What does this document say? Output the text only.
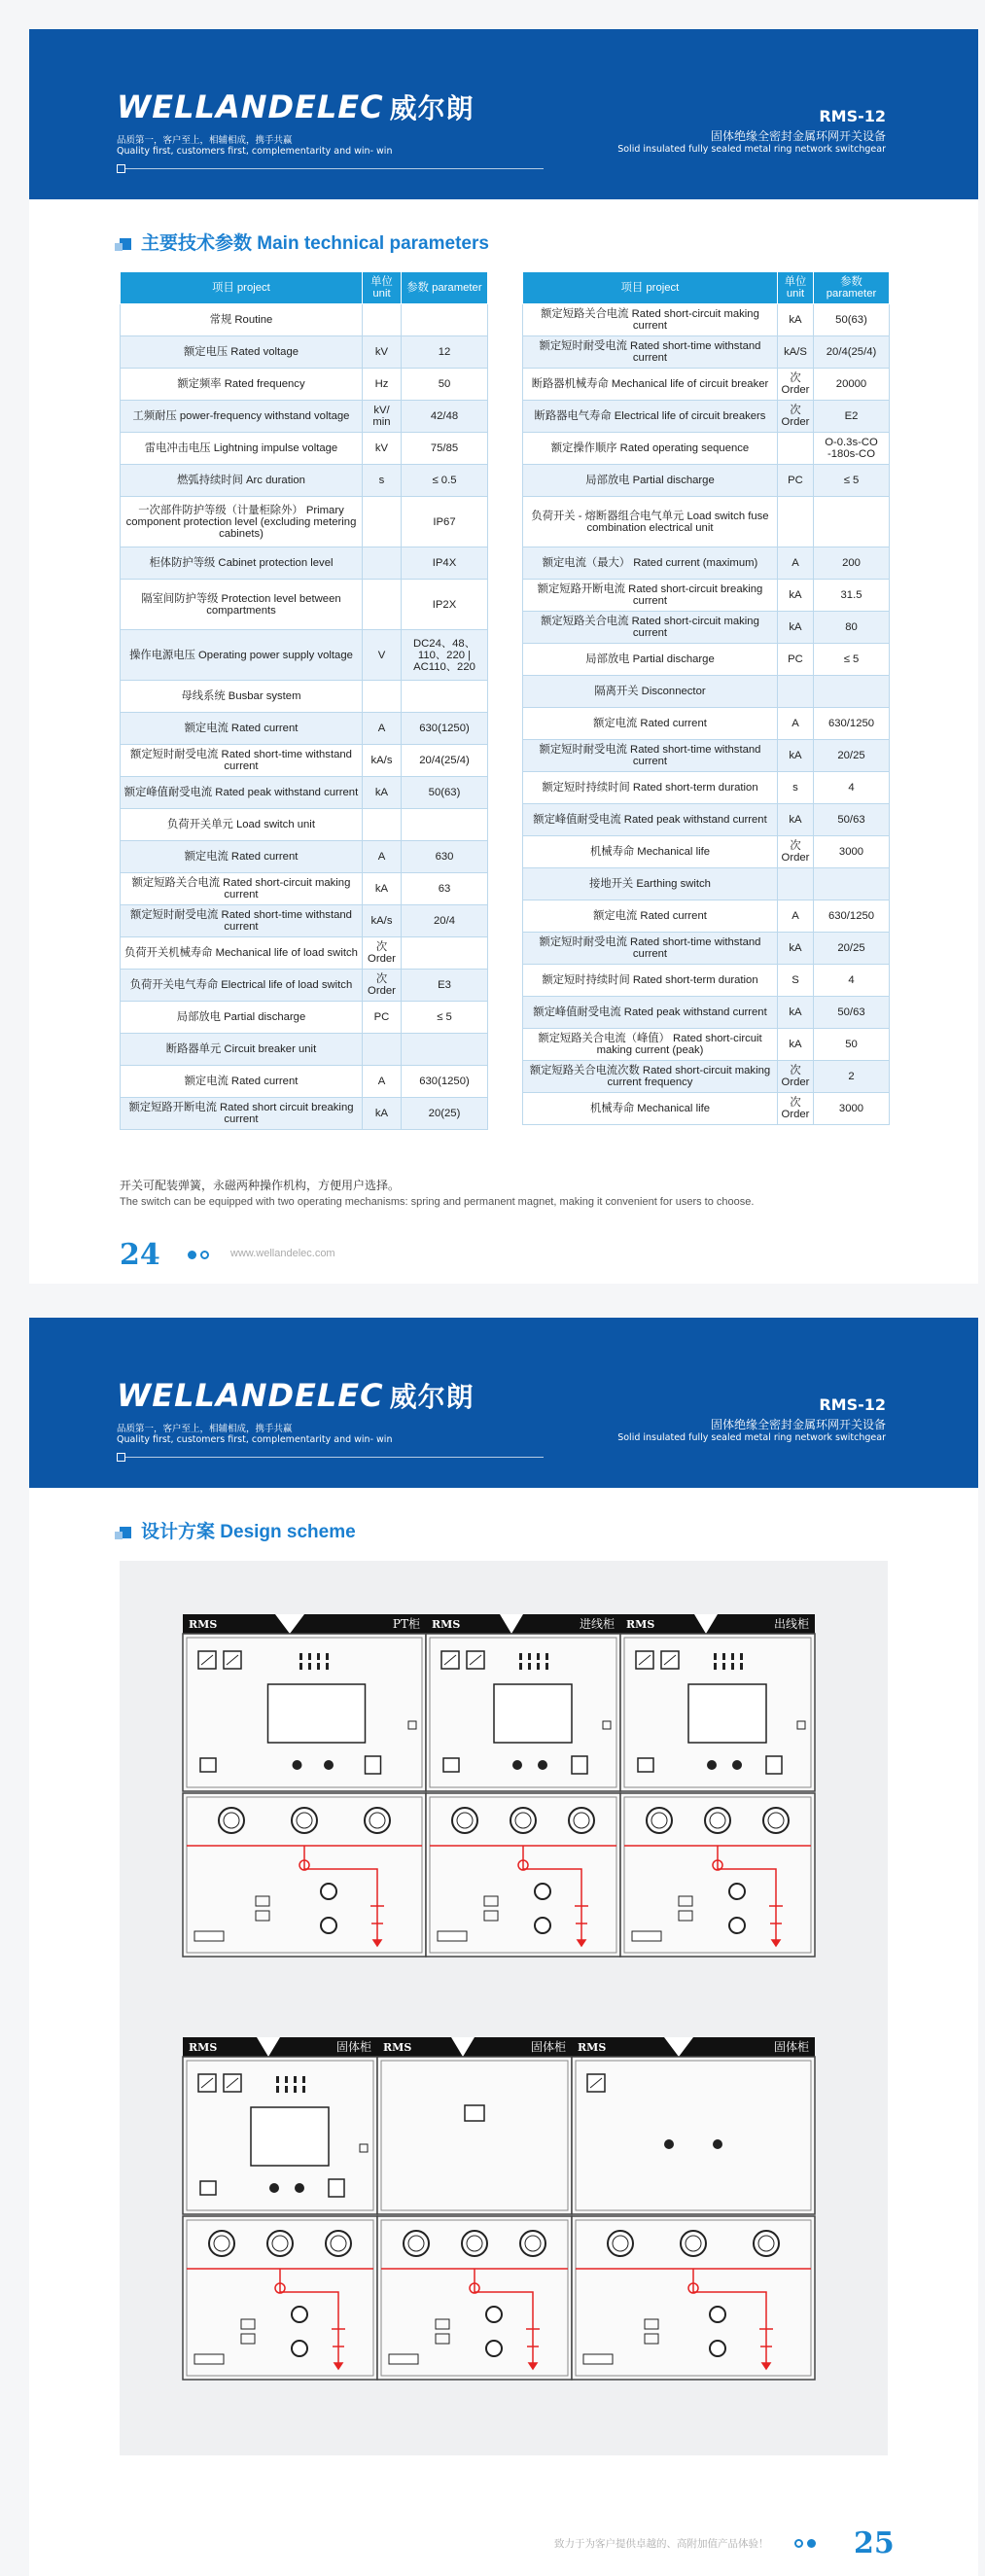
WELLANDELEC 威尔朗
品质第一，客户至上，相辅相成，携手共赢
Quality first, customers first, complementarity and win- win
RMS-12
固体绝缘全密封金属环网开关设备
Solid insulated fully sealed metal ring network switchgear
主要技术参数 Main technical parameters
项目 project	单位 unit	参数 parameter
常规 Routine		
额定电压 Rated voltage	kV	12
额定频率 Rated frequency	Hz	50
工频耐压 power-frequency withstand voltage	kV/ min	42/48
雷电冲击电压 Lightning impulse voltage	kV	75/85
燃弧持续时间 Arc duration	s	≤ 0.5
一次部件防护等级（计量柜除外） Primary component protection level (excluding metering cabinets)		IP67
柜体防护等级 Cabinet protection level		IP4X
隔室间防护等级 Protection level between compartments		IP2X
操作电源电压 Operating power supply voltage	V	DC24、48、110、220 | AC110、220
母线系统 Busbar system		
额定电流 Rated current	A	630(1250)
额定短时耐受电流 Rated short-time withstand current	kA/s	20/4(25/4)
额定峰值耐受电流 Rated peak withstand current	kA	50(63)
负荷开关单元 Load switch unit		
额定电流 Rated current	A	630
额定短路关合电流 Rated short-circuit making current	kA	63
额定短时耐受电流 Rated short-time withstand current	kA/s	20/4
负荷开关机械寿命 Mechanical life of load switch	次 Order	
负荷开关电气寿命 Electrical life of load switch	次 Order	E3
局部放电 Partial discharge	PC	≤ 5
断路器单元 Circuit breaker unit		
额定电流 Rated current	A	630(1250)
额定短路开断电流 Rated short circuit breaking current	kA	20(25)
项目 project	单位 unit	参数 parameter
额定短路关合电流 Rated short-circuit making current	kA	50(63)
额定短时耐受电流 Rated short-time withstand current	kA/S	20/4(25/4)
断路器机械寿命 Mechanical life of circuit breaker	次 Order	20000
断路器电气寿命 Electrical life of circuit breakers	次 Order	E2
额定操作顺序 Rated operating sequence		O-0.3s-CO -180s-CO
局部放电 Partial discharge	PC	≤ 5
负荷开关 - 熔断器组合电气单元 Load switch fuse combination electrical unit		
额定电流（最大） Rated current (maximum)	A	200
额定短路开断电流 Rated short-circuit breaking current	kA	31.5
额定短路关合电流 Rated short-circuit making current	kA	80
局部放电 Partial discharge	PC	≤ 5
隔离开关 Disconnector		
额定电流 Rated current	A	630/1250
额定短时耐受电流 Rated short-time withstand current	kA	20/25
额定短时持续时间 Rated short-term duration	s	4
额定峰值耐受电流 Rated peak withstand current	kA	50/63
机械寿命 Mechanical life	次 Order	3000
接地开关 Earthing switch		
额定电流 Rated current	A	630/1250
额定短时耐受电流 Rated short-time withstand current	kA	20/25
额定短时持续时间 Rated short-term duration	S	4
额定峰值耐受电流 Rated peak withstand current	kA	50/63
额定短路关合电流（峰值） Rated short-circuit making current (peak)	kA	50
额定短路关合电流次数 Rated short-circuit making current frequency	次 Order	2
机械寿命 Mechanical life	次 Order	3000
开关可配装弹簧，永磁两种操作机构，方便用户选择。
The switch can be equipped with two operating mechanisms: spring and permanent magnet, making it convenient for users to choose.
24	www.wellandelec.com
WELLANDELEC 威尔朗
品质第一，客户至上，相辅相成，携手共赢
Quality first, customers first, complementarity and win- win
RMS-12
固体绝缘全密封金属环网开关设备
Solid insulated fully sealed metal ring network switchgear
设计方案 Design scheme
RMS	PT柜 RMS	进线柜 RMS	出线柜
RMS	固体柜 RMS	固体柜 RMS	固体柜
致力于为客户提供卓越的、高附加值产品体验！	25
